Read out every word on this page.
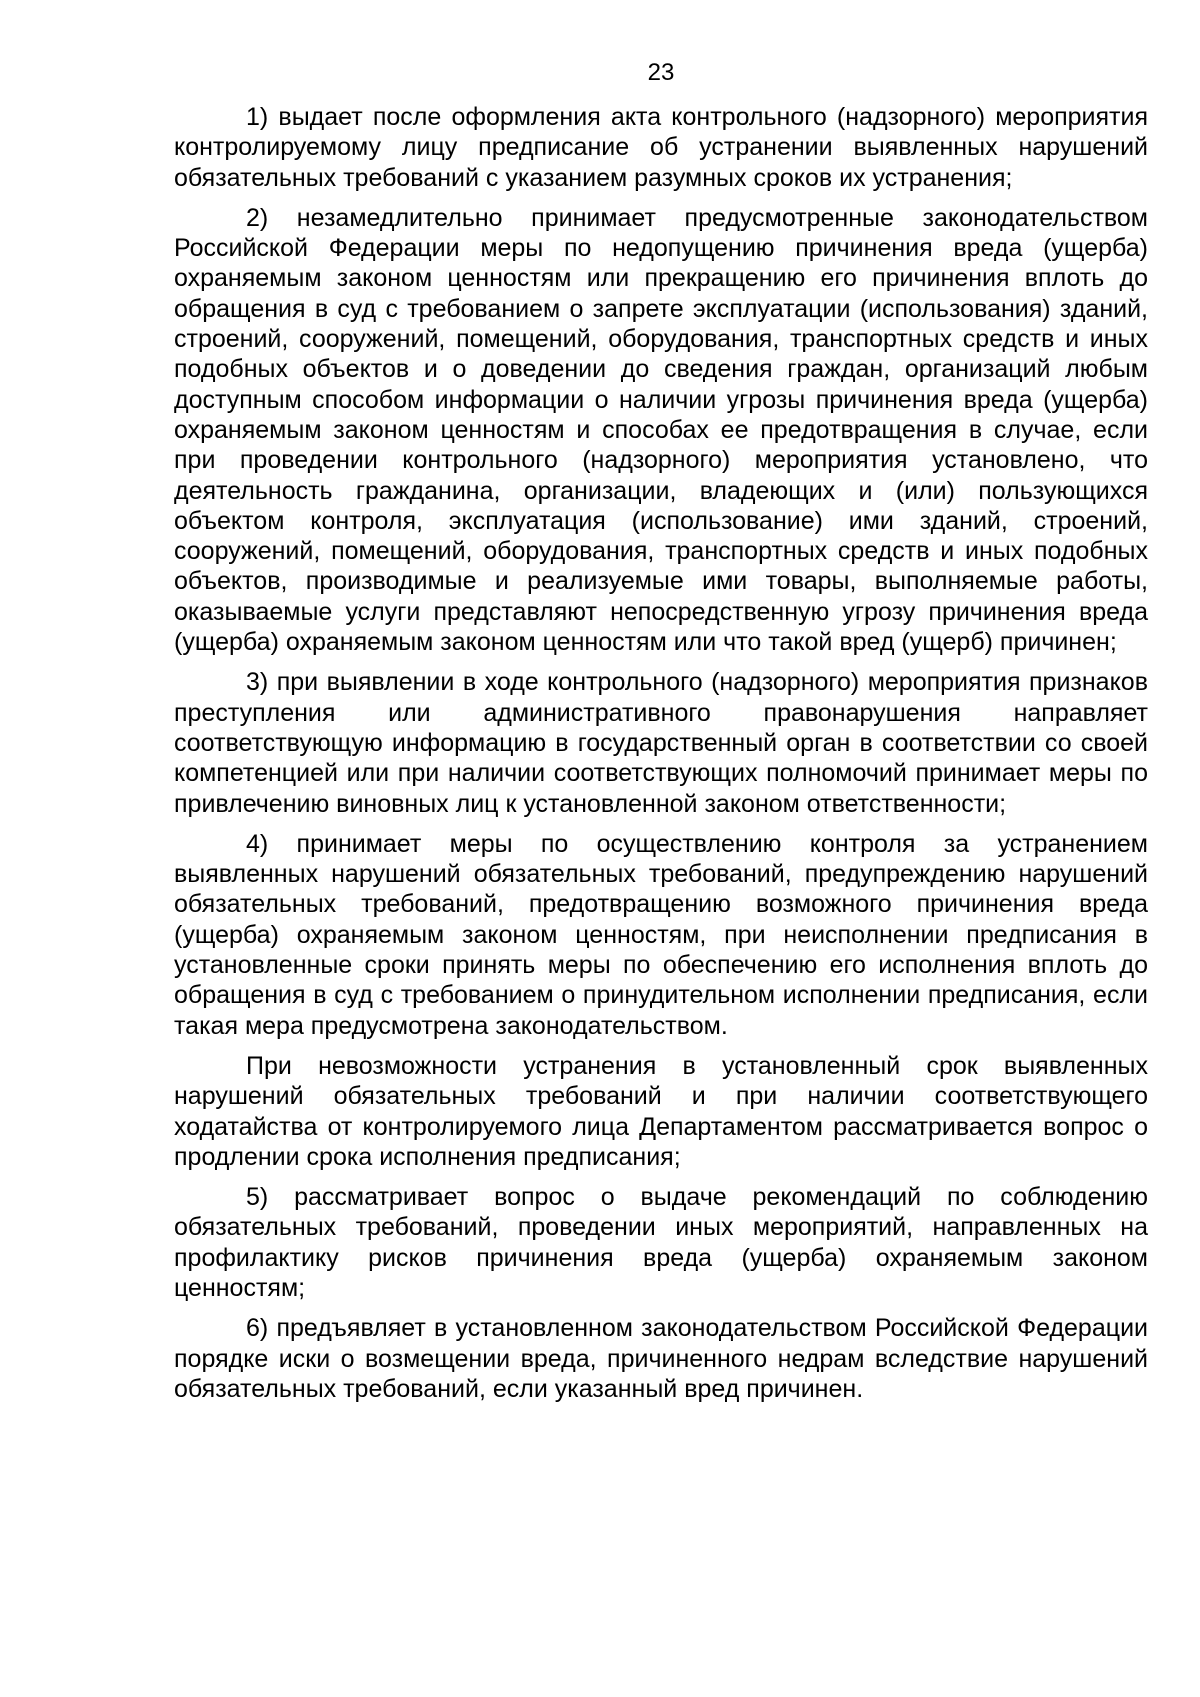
23

1) выдает после оформления акта контрольного (надзорного) мероприятия контролируемому лицу предписание об устранении выявленных нарушений обязательных требований с указанием разумных сроков их устранения;

2) незамедлительно принимает предусмотренные законодательством Российской Федерации меры по недопущению причинения вреда (ущерба) охраняемым законом ценностям или прекращению его причинения вплоть до обращения в суд с требованием о запрете эксплуатации (использования) зданий, строений, сооружений, помещений, оборудования, транспортных средств и иных подобных объектов и о доведении до сведения граждан, организаций любым доступным способом информации о наличии угрозы причинения вреда (ущерба) охраняемым законом ценностям и способах ее предотвращения в случае, если при проведении контрольного (надзорного) мероприятия установлено, что деятельность гражданина, организации, владеющих и (или) пользующихся объектом контроля, эксплуатация (использование) ими зданий, строений, сооружений, помещений, оборудования, транспортных средств и иных подобных объектов, производимые и реализуемые ими товары, выполняемые работы, оказываемые услуги представляют непосредственную угрозу причинения вреда (ущерба) охраняемым законом ценностям или что такой вред (ущерб) причинен;

3) при выявлении в ходе контрольного (надзорного) мероприятия признаков преступления или административного правонарушения направляет соответствующую информацию в государственный орган в соответствии со своей компетенцией или при наличии соответствующих полномочий принимает меры по привлечению виновных лиц к установленной законом ответственности;

4) принимает меры по осуществлению контроля за устранением выявленных нарушений обязательных требований, предупреждению нарушений обязательных требований, предотвращению возможного причинения вреда (ущерба) охраняемым законом ценностям, при неисполнении предписания в установленные сроки принять меры по обеспечению его исполнения вплоть до обращения в суд с требованием о принудительном исполнении предписания, если такая мера предусмотрена законодательством.

При невозможности устранения в установленный срок выявленных нарушений обязательных требований и при наличии соответствующего ходатайства от контролируемого лица Департаментом рассматривается вопрос о продлении срока исполнения предписания;

5) рассматривает вопрос о выдаче рекомендаций по соблюдению обязательных требований, проведении иных мероприятий, направленных на профилактику рисков причинения вреда (ущерба) охраняемым законом ценностям;

6) предъявляет в установленном законодательством Российской Федерации порядке иски о возмещении вреда, причиненного недрам вследствие нарушений обязательных требований, если указанный вред причинен.
